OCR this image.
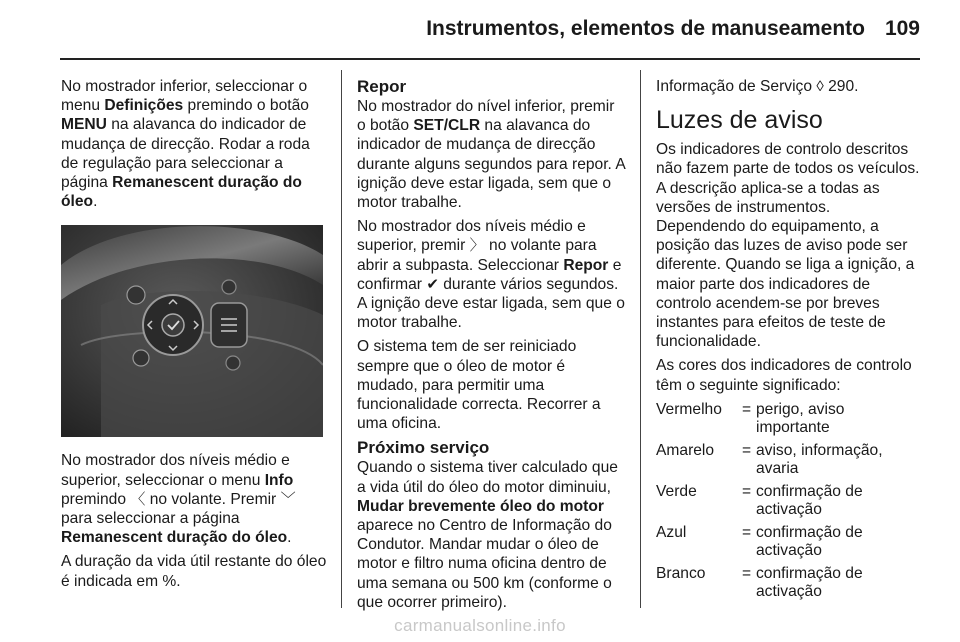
Instrumentos, elementos de manuseamento 109

No mostrador inferior, seleccionar o menu Definições premindo o botão MENU na alavanca do indicador de mudança de direcção. Rodar a roda de regulação para seleccionar a página Remanescent duração do óleo.

No mostrador dos níveis médio e superior, seleccionar o menu Info premindo 〈 no volante. Premir ﹀ para seleccionar a página Remanescent duração do óleo.

A duração da vida útil restante do óleo é indicada em %.

Repor

No mostrador do nível inferior, premir o botão SET/CLR na alavanca do indicador de mudança de direcção durante alguns segundos para repor. A ignição deve estar ligada, sem que o motor trabalhe.

No mostrador dos níveis médio e superior, premir 〉 no volante para abrir a subpasta. Seleccionar Repor e confirmar ✔ durante vários segundos. A ignição deve estar ligada, sem que o motor trabalhe.

O sistema tem de ser reiniciado sempre que o óleo de motor é mudado, para permitir uma funcionalidade correcta. Recorrer a uma oficina.

Próximo serviço

Quando o sistema tiver calculado que a vida útil do óleo do motor diminuiu, Mudar brevemente óleo do motor aparece no Centro de Informação do Condutor. Mandar mudar o óleo de motor e filtro numa oficina dentro de uma semana ou 500 km (conforme o que ocorrer primeiro).

Informação de Serviço ◊ 290.

Luzes de aviso

Os indicadores de controlo descritos não fazem parte de todos os veículos. A descrição aplica-se a todas as versões de instrumentos.

Dependendo do equipamento, a posição das luzes de aviso pode ser diferente. Quando se liga a ignição, a maior parte dos indicadores de controlo acendem-se por breves instantes para efeitos de teste de funcionalidade.

As cores dos indicadores de controlo têm o seguinte significado:

Vermelho	= perigo, aviso importante
Amarelo	= aviso, informação, avaria
Verde	= confirmação de activação
Azul	= confirmação de activação
Branco	= confirmação de activação
carmanualsonline.info
